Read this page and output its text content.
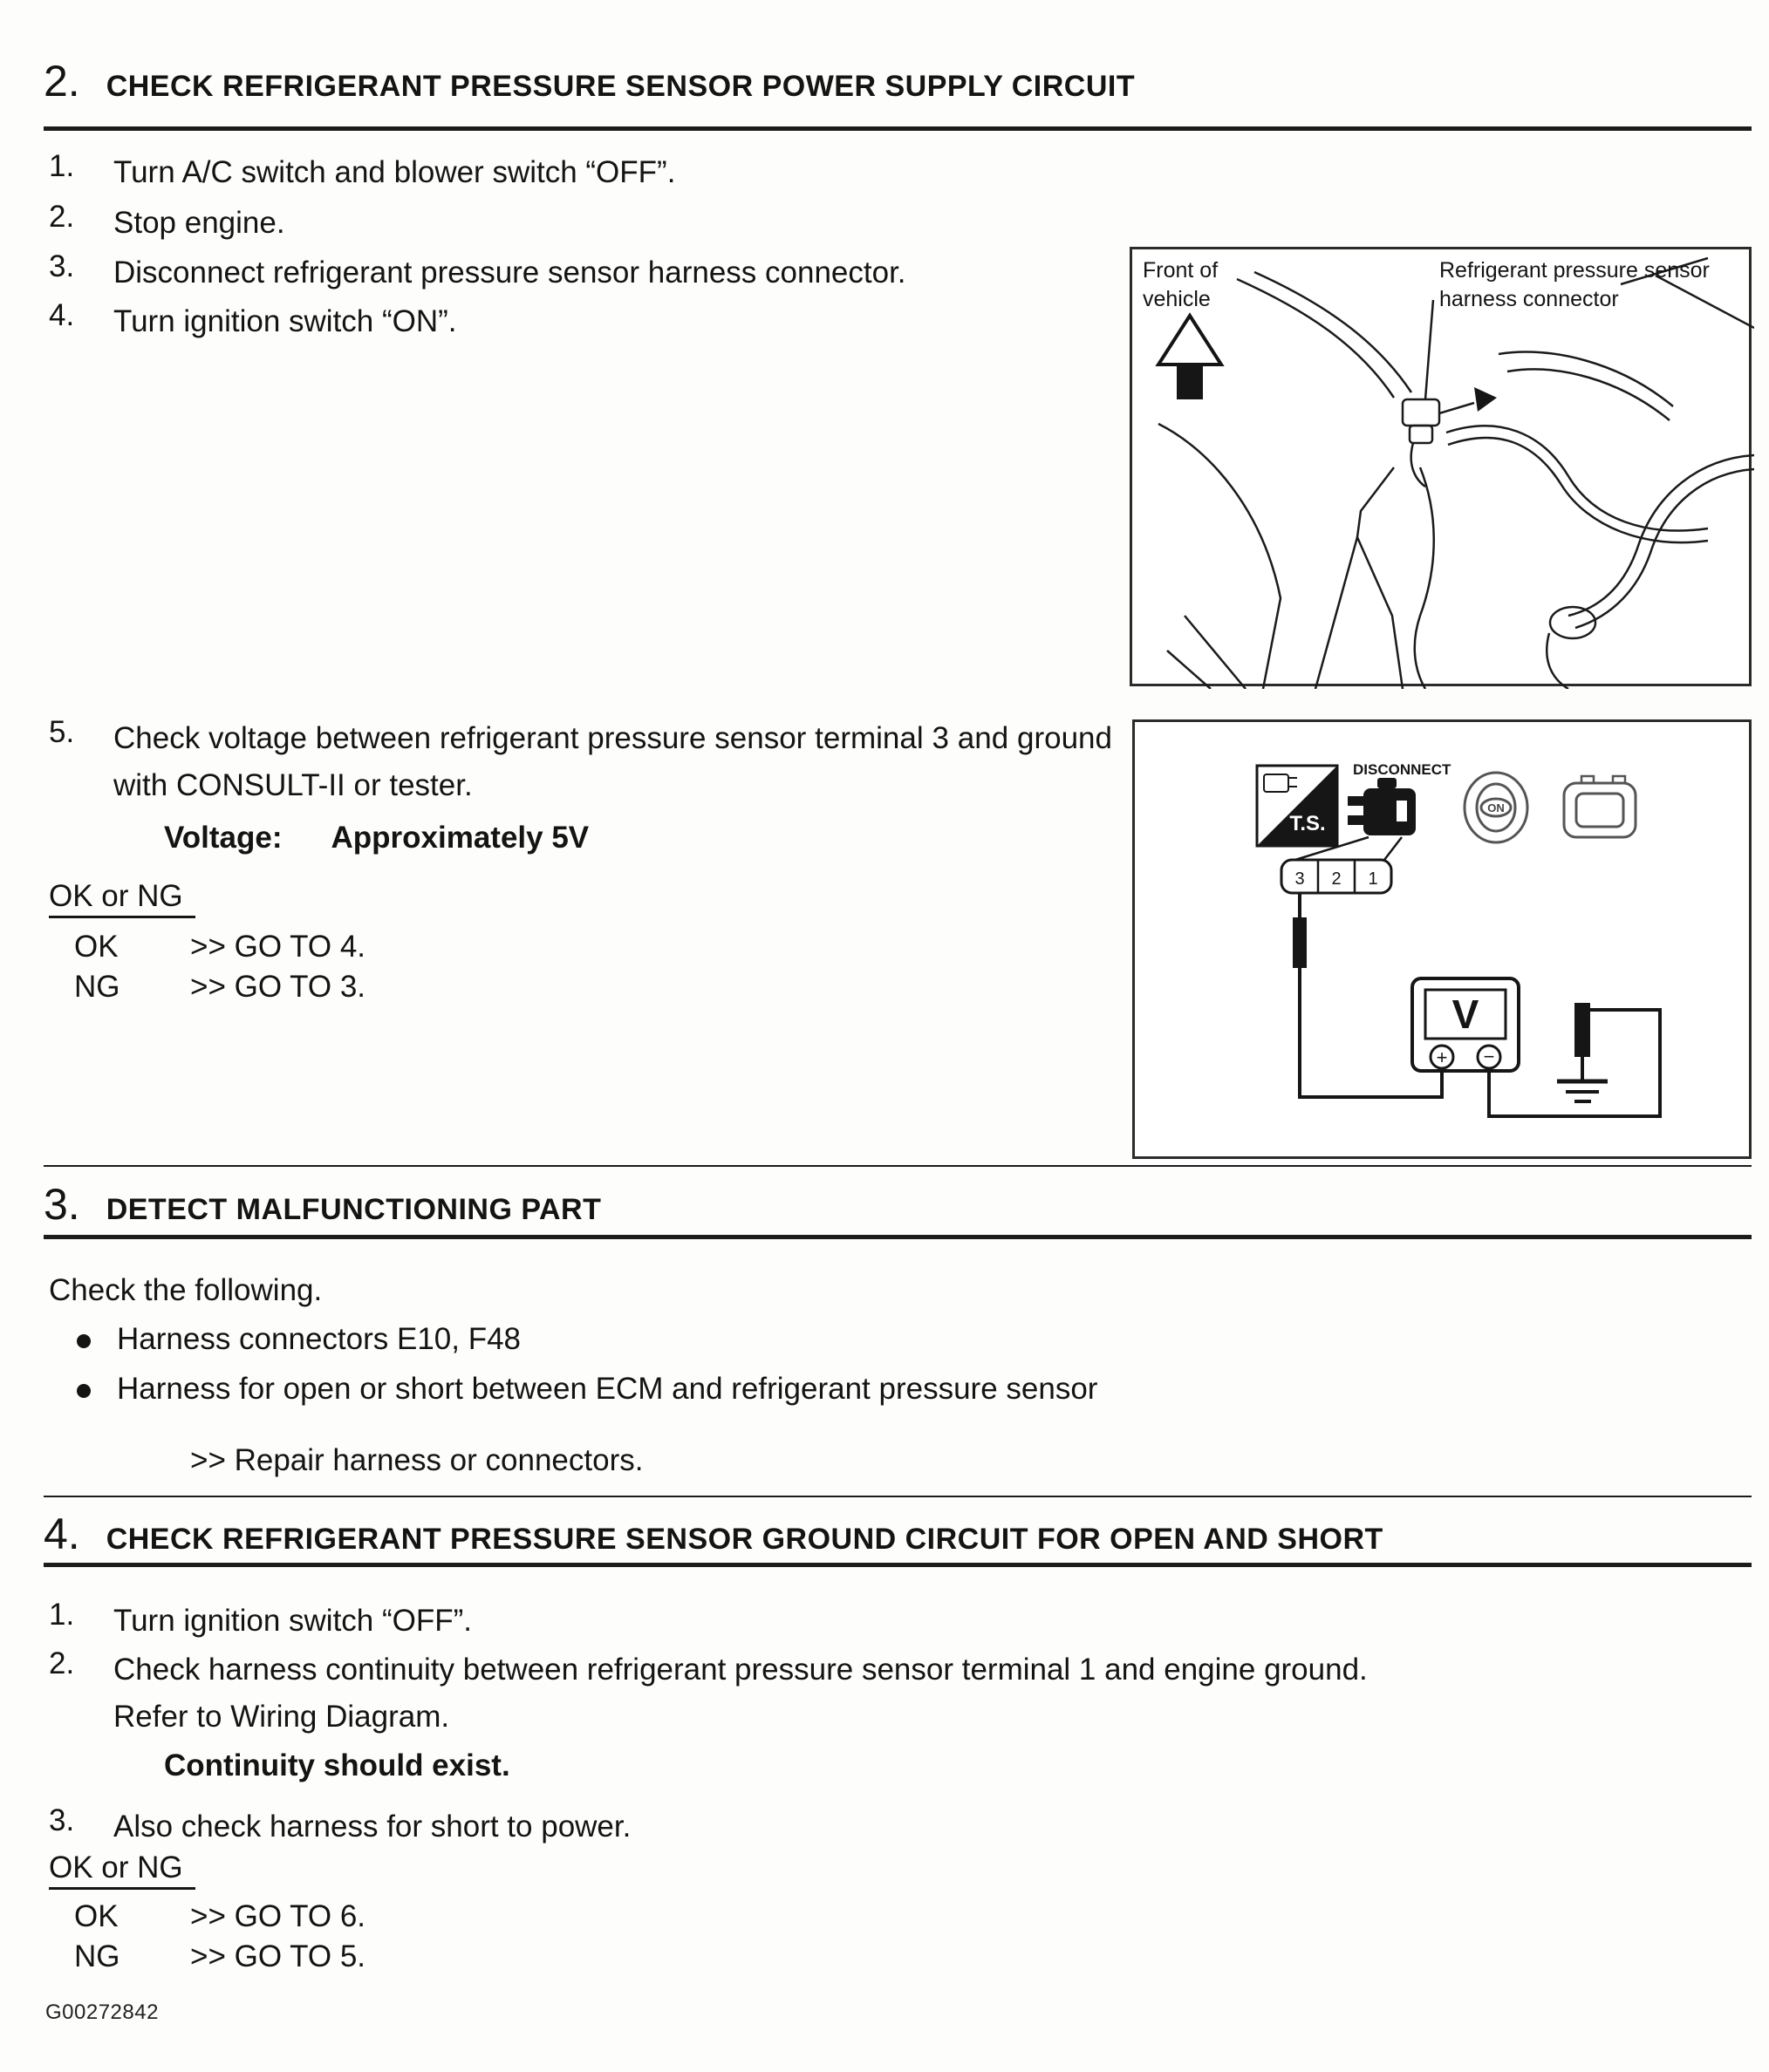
2. CHECK REFRIGERANT PRESSURE SENSOR POWER SUPPLY CIRCUIT
1.	Turn A/C switch and blower switch “OFF”.
2.	Stop engine.
3.	Disconnect refrigerant pressure sensor harness connector.
4.	Turn ignition switch “ON”.
Front of vehicle
Refrigerant pressure sensor harness connector
5.	Check voltage between refrigerant pressure sensor terminal 3 and ground with CONSULT-II or tester.
Voltage: Approximately 5V
OK or NG
OK >> GO TO 4.
NG >> GO TO 3.
T.S.
DISCONNECT
ON
3 2 1
V
+ −
3. DETECT MALFUNCTIONING PART
Check the following.
Harness connectors E10, F48
Harness for open or short between ECM and refrigerant pressure sensor
>> Repair harness or connectors.
4. CHECK REFRIGERANT PRESSURE SENSOR GROUND CIRCUIT FOR OPEN AND SHORT
1.	Turn ignition switch “OFF”.
2.	Check harness continuity between refrigerant pressure sensor terminal 1 and engine ground.
Refer to Wiring Diagram.
Continuity should exist.
3.	Also check harness for short to power.
OK or NG
OK >> GO TO 6.
NG >> GO TO 5.
G00272842
